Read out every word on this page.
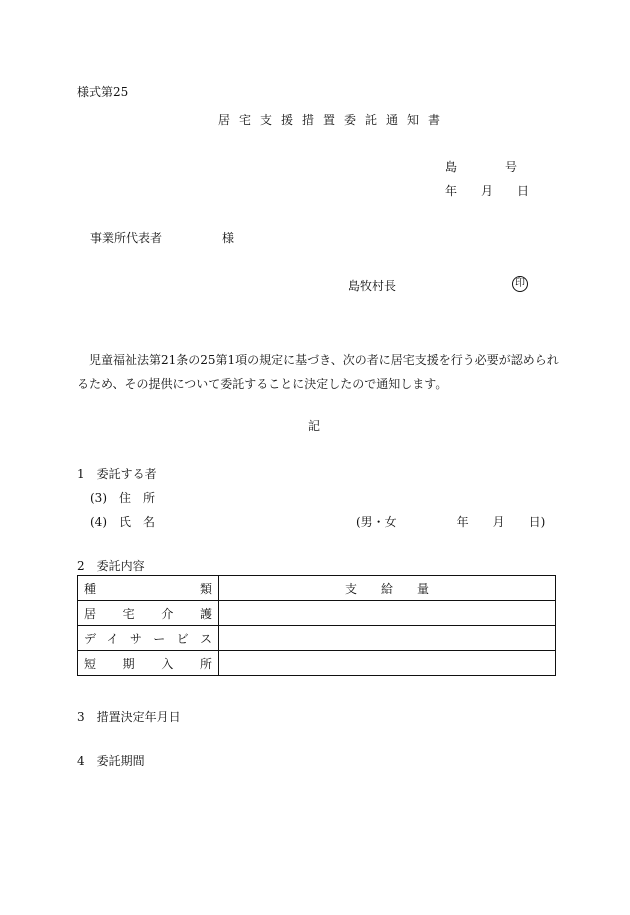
様式第25
居宅支援措置委託通知書
島　　　　号
年　　月　　日
事業所代表者　　　　　様
島牧村長	印
児童福祉法第21条の25第1項の規定に基づき、次の者に居宅支援を行う必要が認められ
るため、その提供について委託することに決定したので通知します。
記
1　委託する者
(3)　住　所
(4)　氏　名	(男・女　　　　　年　　月　　日)
2　委託内容
種類	支　　給　　量
居宅介護	
デイサービス	
短期入所	
3　措置決定年月日
4　委託期間
